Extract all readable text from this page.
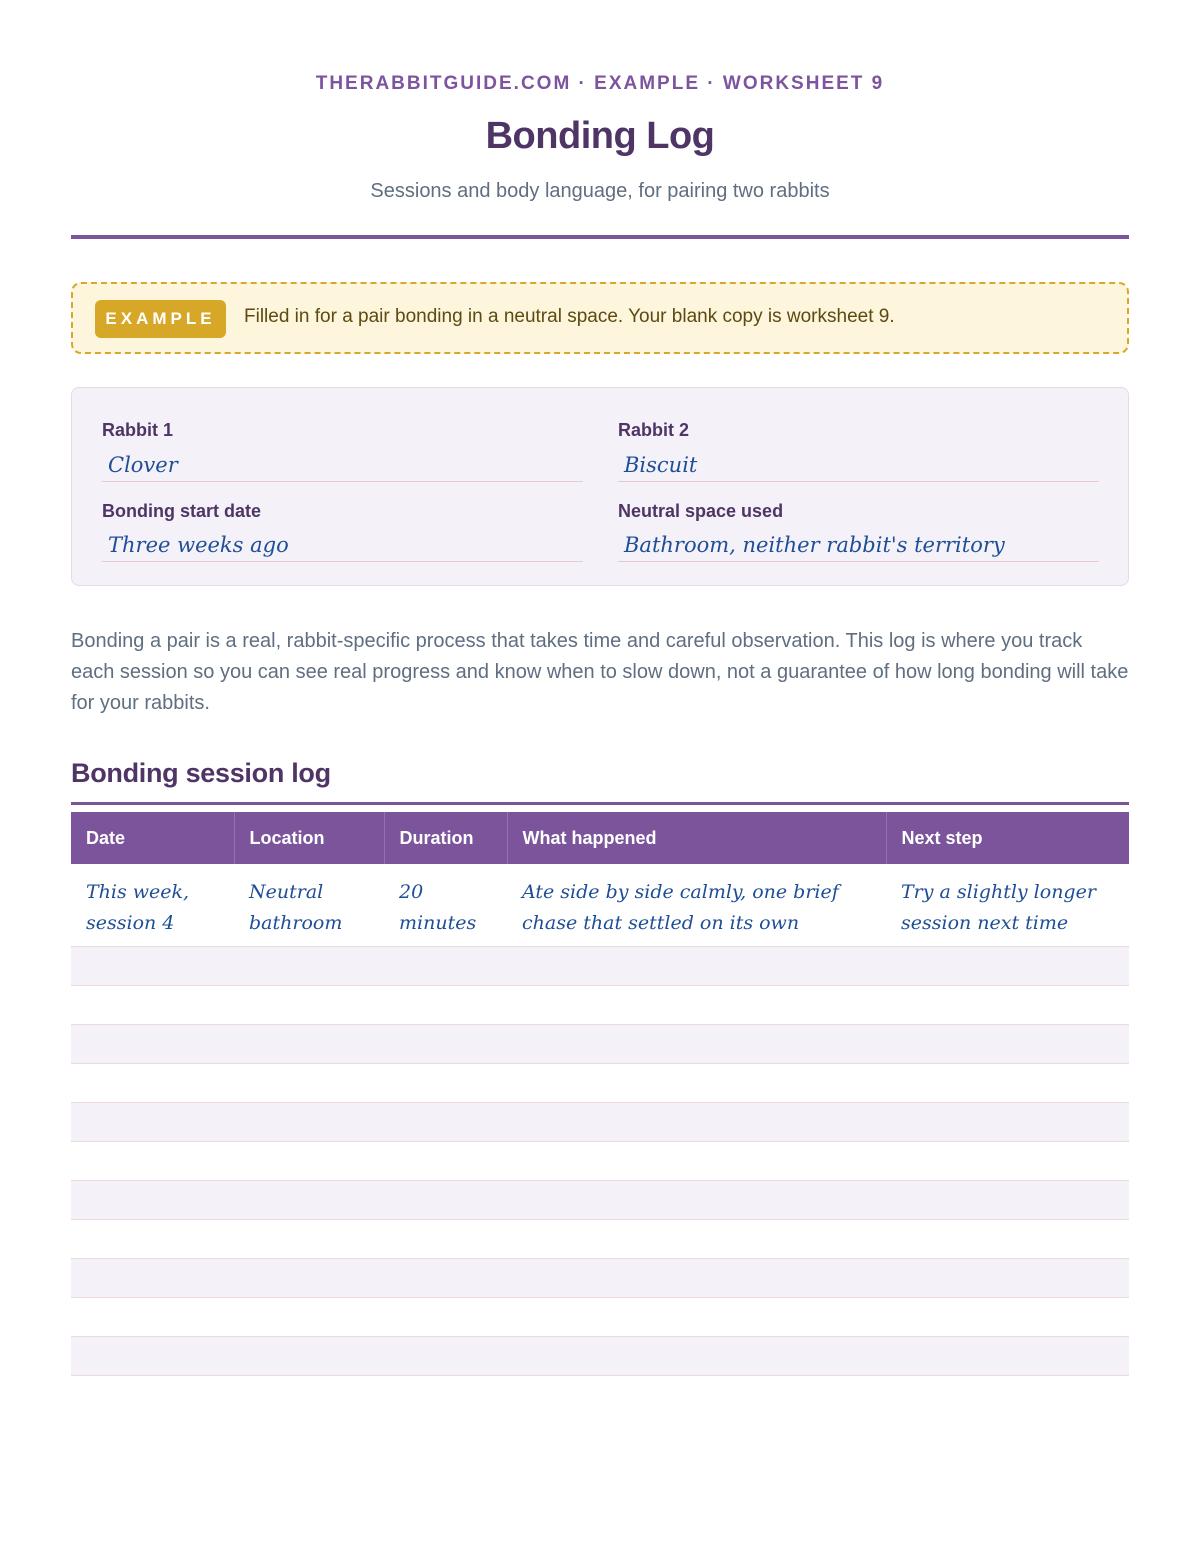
THERABBITGUIDE.COM · EXAMPLE · WORKSHEET 9
Bonding Log
Sessions and body language, for pairing two rabbits
EXAMPLE	Filled in for a pair bonding in a neutral space. Your blank copy is worksheet 9.
Rabbit 1
Clover
Rabbit 2
Biscuit
Bonding start date
Three weeks ago
Neutral space used
Bathroom, neither rabbit's territory
Bonding a pair is a real, rabbit-specific process that takes time and careful observation. This log is where you track each session so you can see real progress and know when to slow down, not a guarantee of how long bonding will take for your rabbits.
Bonding session log
Date	Location	Duration	What happened	Next step
This week, session 4	Neutral bathroom	20 minutes	Ate side by side calmly, one brief chase that settled on its own	Try a slightly longer session next time
